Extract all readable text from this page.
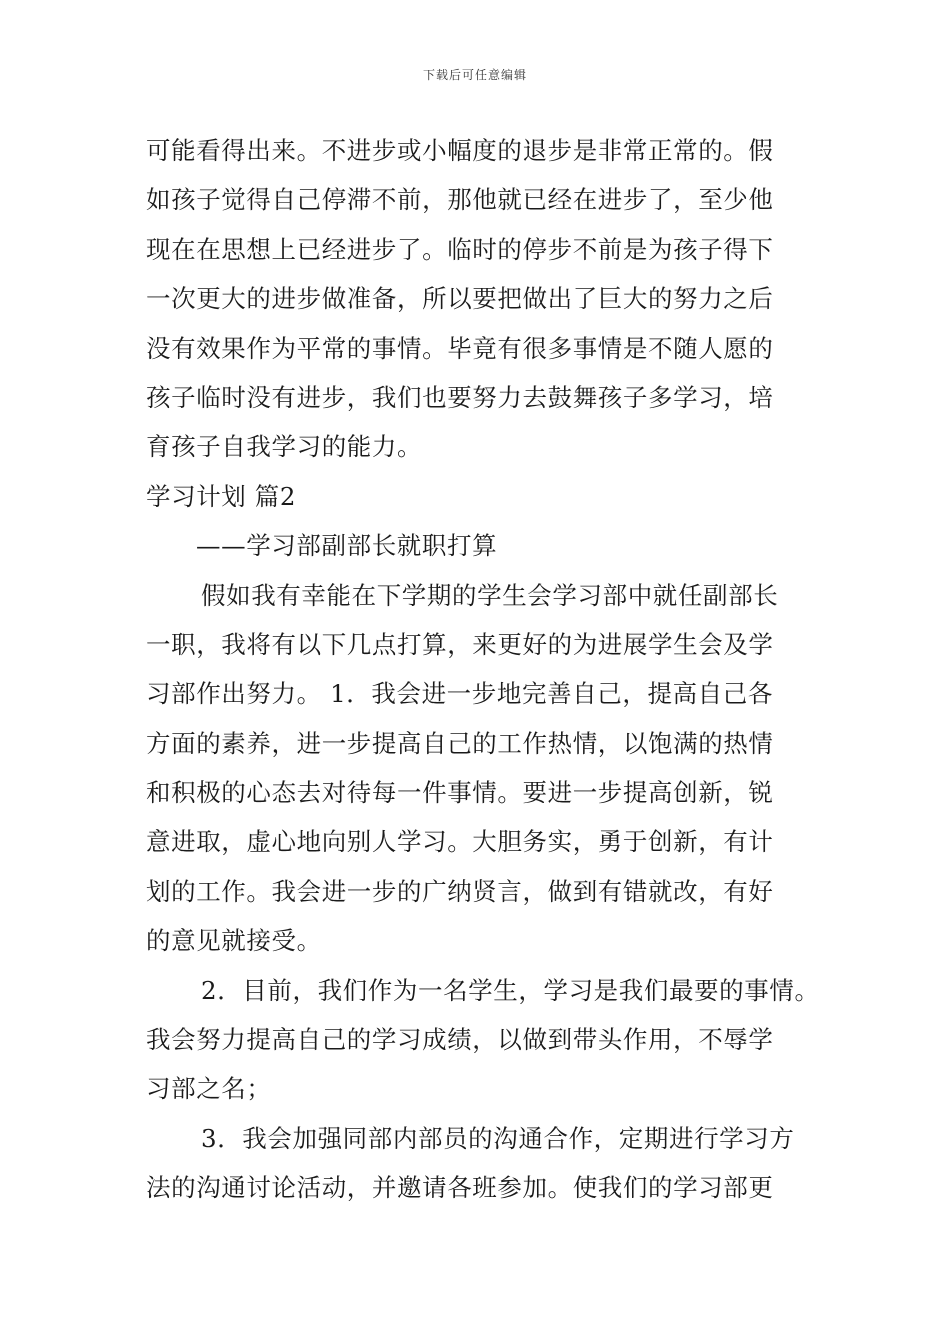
下载后可任意编辑
可能看得出来。不进步或小幅度的退步是非常正常的。假
如孩子觉得自己停滞不前，那他就已经在进步了，至少他
现在在思想上已经进步了。临时的停步不前是为孩子得下
一次更大的进步做准备，所以要把做出了巨大的努力之后
没有效果作为平常的事情。毕竟有很多事情是不随人愿的
孩子临时没有进步，我们也要努力去鼓舞孩子多学习，培
育孩子自我学习的能力。
学习计划 篇2
——学习部副部长就职打算
假如我有幸能在下学期的学生会学习部中就任副部长
一职，我将有以下几点打算，来更好的为进展学生会及学
习部作出努力。 1．我会进一步地完善自己，提高自己各
方面的素养，进一步提高自己的工作热情，以饱满的热情
和积极的心态去对待每一件事情。要进一步提高创新，锐
意进取，虚心地向别人学习。大胆务实，勇于创新，有计
划的工作。我会进一步的广纳贤言，做到有错就改，有好
的意见就接受。
2．目前，我们作为一名学生，学习是我们最要的事情。
我会努力提高自己的学习成绩，以做到带头作用，不辱学
习部之名；
3．我会加强同部内部员的沟通合作，定期进行学习方
法的沟通讨论活动，并邀请各班参加。使我们的学习部更
